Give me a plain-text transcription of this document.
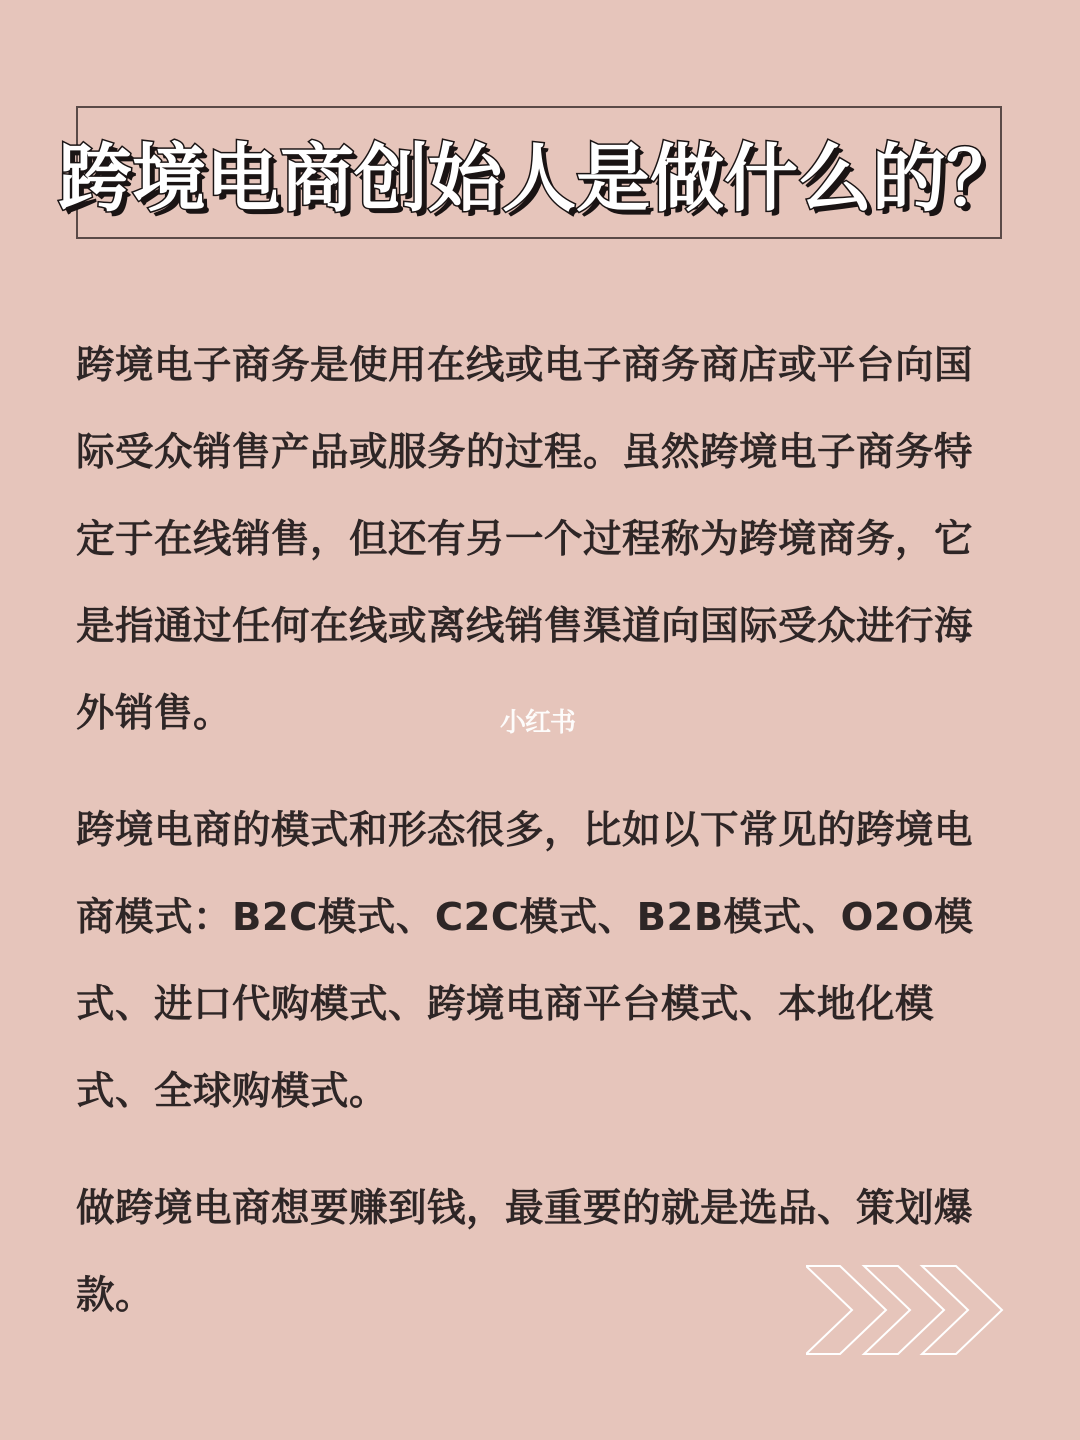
跨境电商创始人是做什么的？

跨境电子商务是使用在线或电子商务商店或平台向国际受众销售产品或服务的过程。虽然跨境电子商务特定于在线销售，但还有另一个过程称为跨境商务，它是指通过任何在线或离线销售渠道向国际受众进行海外销售。

跨境电商的模式和形态很多，比如以下常见的跨境电商模式：B2C模式、C2C模式、B2B模式、O2O模式、进口代购模式、跨境电商平台模式、本地化模式、全球购模式。

做跨境电商想要赚到钱，最重要的就是选品、策划爆款。

小红书
